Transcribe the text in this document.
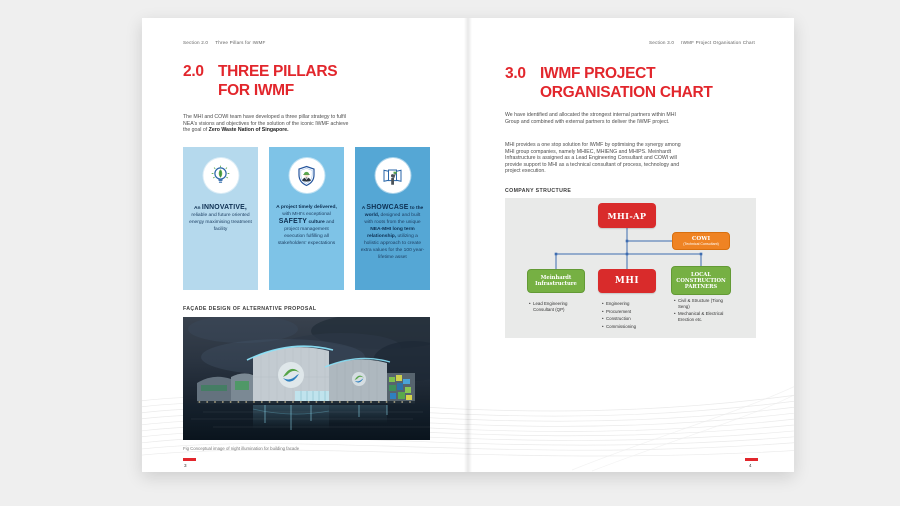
Section 2.0 Three Pillars for IWMF
2.0 THREE PILLARS
FOR IWMF

The MHI and COWI team have developed a three pillar strategy to fulfil NEA's visions and objectives for the solution of the iconic IWMF achieve the goal of Zero Waste Nation of Singapore.

An INNOVATIVE, reliable and future oriented energy maximising treatment facility

A project timely delivered, with MHI's exceptional SAFETY culture and project management execution fulfilling all stakeholders' expectations

A SHOWCASE to the world, designed and built with roots from the unique NEA-MHI long term relationship, utilizing a holistic approach to create extra values for the 100 year-lifetime asset

FAÇADE DESIGN OF ALTERNATIVE PROPOSAL

Fig Conceptual image of night illumination for building facade
3
Section 3.0 IWMF Project Organisation Chart
3.0 IWMF PROJECT
ORGANISATION CHART

We have identified and allocated the strongest internal partners within MHI Group and combined with external partners to deliver the IWMF project.

MHI provides a one stop solution for IWMF by optimising the synergy among MHI group companies, namely MHIEC, MHIENG and MHIPS. Meinhardt Infrastructure is assigned as a Lead Engineering Consultant and COWI will provide support to MHI as a technical consultant of process, technology and project execution.

COMPANY STRUCTURE

MHI-AP
COWI
(Technical Consultant)
Meinhardt Infrastructure	MHI
LOCAL CONSTRUCTION PARTNERS
• Lead Engineering Consultant (QP)
• Engineering
• Procurement
• Construction
• Commissioning
• Civil & Structure (Tiong Seng)
• Mechanical & Electrical Erection etc.
4
